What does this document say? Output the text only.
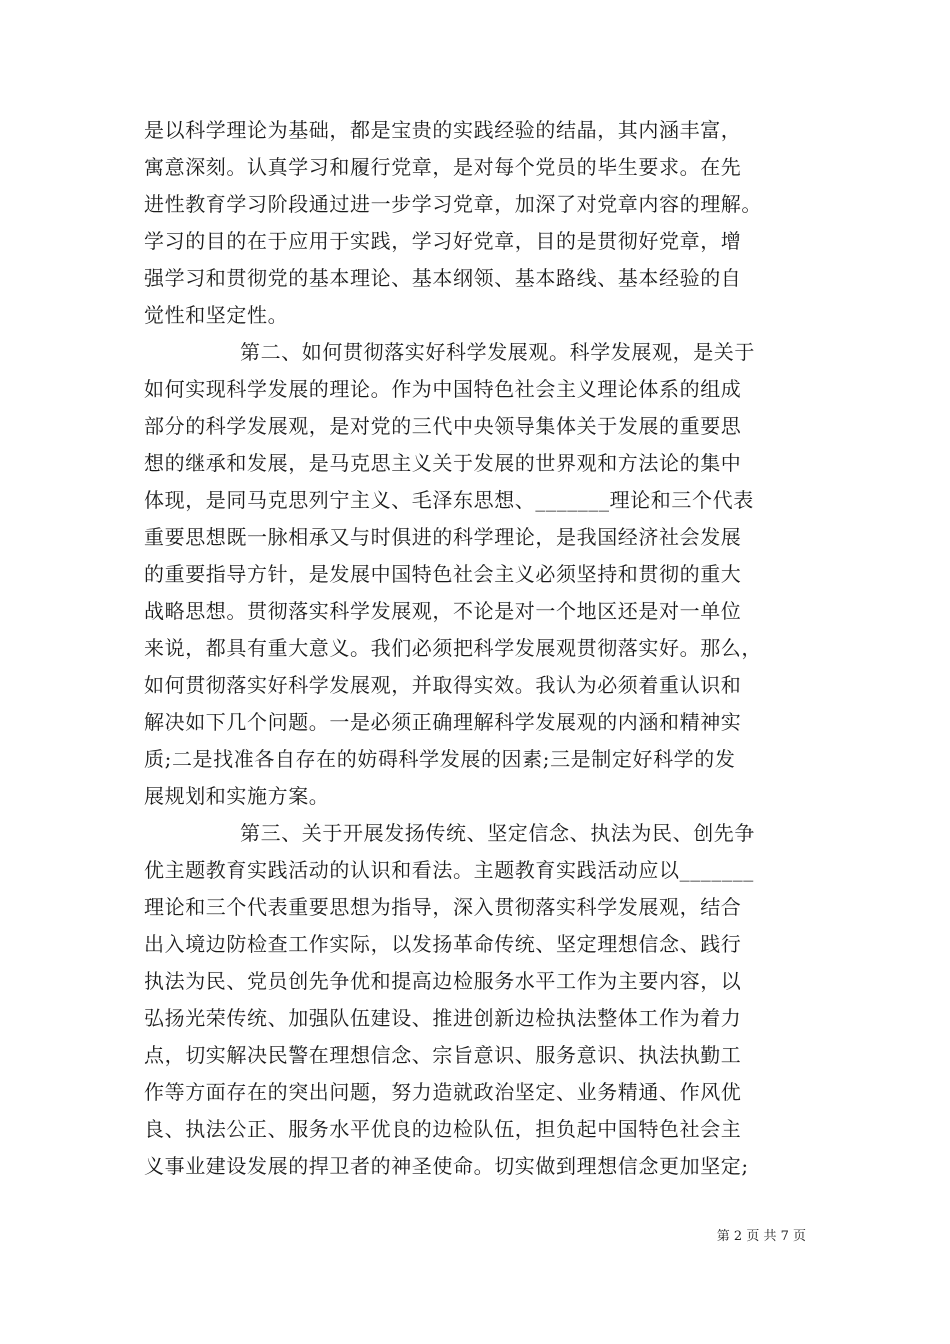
是以科学理论为基础，都是宝贵的实践经验的结晶，其内涵丰富，
寓意深刻。认真学习和履行党章，是对每个党员的毕生要求。在先
进性教育学习阶段通过进一步学习党章，加深了对党章内容的理解。
学习的目的在于应用于实践，学习好党章，目的是贯彻好党章，增
强学习和贯彻党的基本理论、基本纲领、基本路线、基本经验的自
觉性和坚定性。
第二、如何贯彻落实好科学发展观。科学发展观，是关于
如何实现科学发展的理论。作为中国特色社会主义理论体系的组成
部分的科学发展观，是对党的三代中央领导集体关于发展的重要思
想的继承和发展，是马克思主义关于发展的世界观和方法论的集中
体现，是同马克思列宁主义、毛泽东思想、_______理论和三个代表
重要思想既一脉相承又与时俱进的科学理论，是我国经济社会发展
的重要指导方针，是发展中国特色社会主义必须坚持和贯彻的重大
战略思想。贯彻落实科学发展观，不论是对一个地区还是对一单位
来说，都具有重大意义。我们必须把科学发展观贯彻落实好。那么，
如何贯彻落实好科学发展观，并取得实效。我认为必须着重认识和
解决如下几个问题。一是必须正确理解科学发展观的内涵和精神实
质;二是找准各自存在的妨碍科学发展的因素;三是制定好科学的发
展规划和实施方案。
第三、关于开展发扬传统、坚定信念、执法为民、创先争
优主题教育实践活动的认识和看法。主题教育实践活动应以_______
理论和三个代表重要思想为指导，深入贯彻落实科学发展观，结合
出入境边防检查工作实际，以发扬革命传统、坚定理想信念、践行
执法为民、党员创先争优和提高边检服务水平工作为主要内容，以
弘扬光荣传统、加强队伍建设、推进创新边检执法整体工作为着力
点，切实解决民警在理想信念、宗旨意识、服务意识、执法执勤工
作等方面存在的突出问题，努力造就政治坚定、业务精通、作风优
良、执法公正、服务水平优良的边检队伍，担负起中国特色社会主
义事业建设发展的捍卫者的神圣使命。切实做到理想信念更加坚定;
第 2 页 共 7 页
